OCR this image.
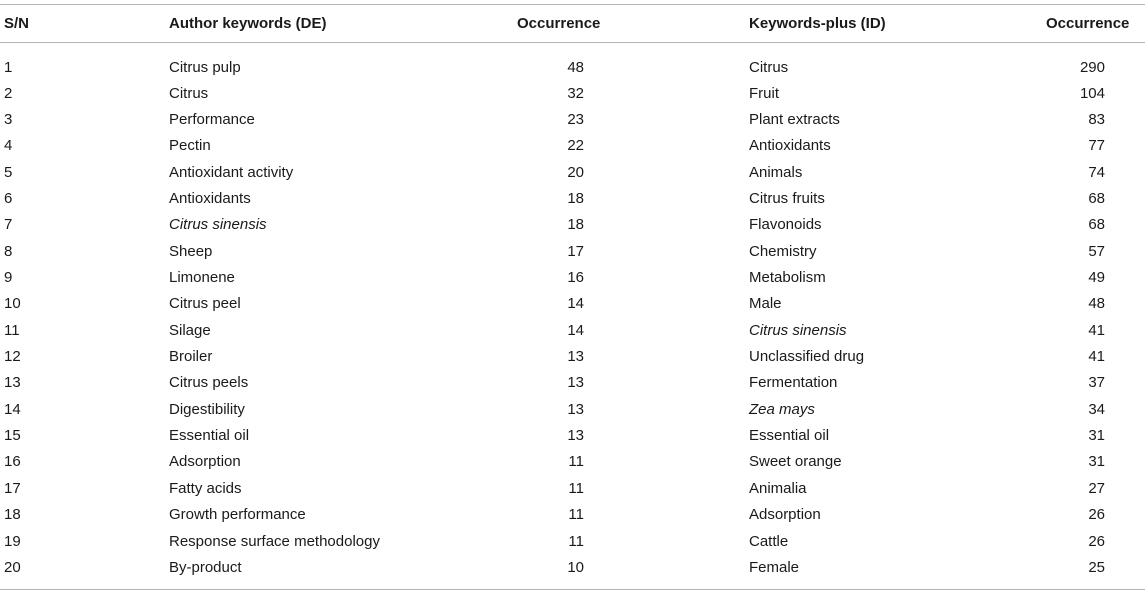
S/N	Author keywords (DE)	Occurrence	Keywords-plus (ID)	Occurrence
1	Citrus pulp	48	Citrus	290
2	Citrus	32	Fruit	104
3	Performance	23	Plant extracts	83
4	Pectin	22	Antioxidants	77
5	Antioxidant activity	20	Animals	74
6	Antioxidants	18	Citrus fruits	68
7	Citrus sinensis	18	Flavonoids	68
8	Sheep	17	Chemistry	57
9	Limonene	16	Metabolism	49
10	Citrus peel	14	Male	48
11	Silage	14	Citrus sinensis	41
12	Broiler	13	Unclassified drug	41
13	Citrus peels	13	Fermentation	37
14	Digestibility	13	Zea mays	34
15	Essential oil	13	Essential oil	31
16	Adsorption	11	Sweet orange	31
17	Fatty acids	11	Animalia	27
18	Growth performance	11	Adsorption	26
19	Response surface methodology	11	Cattle	26
20	By-product	10	Female	25
